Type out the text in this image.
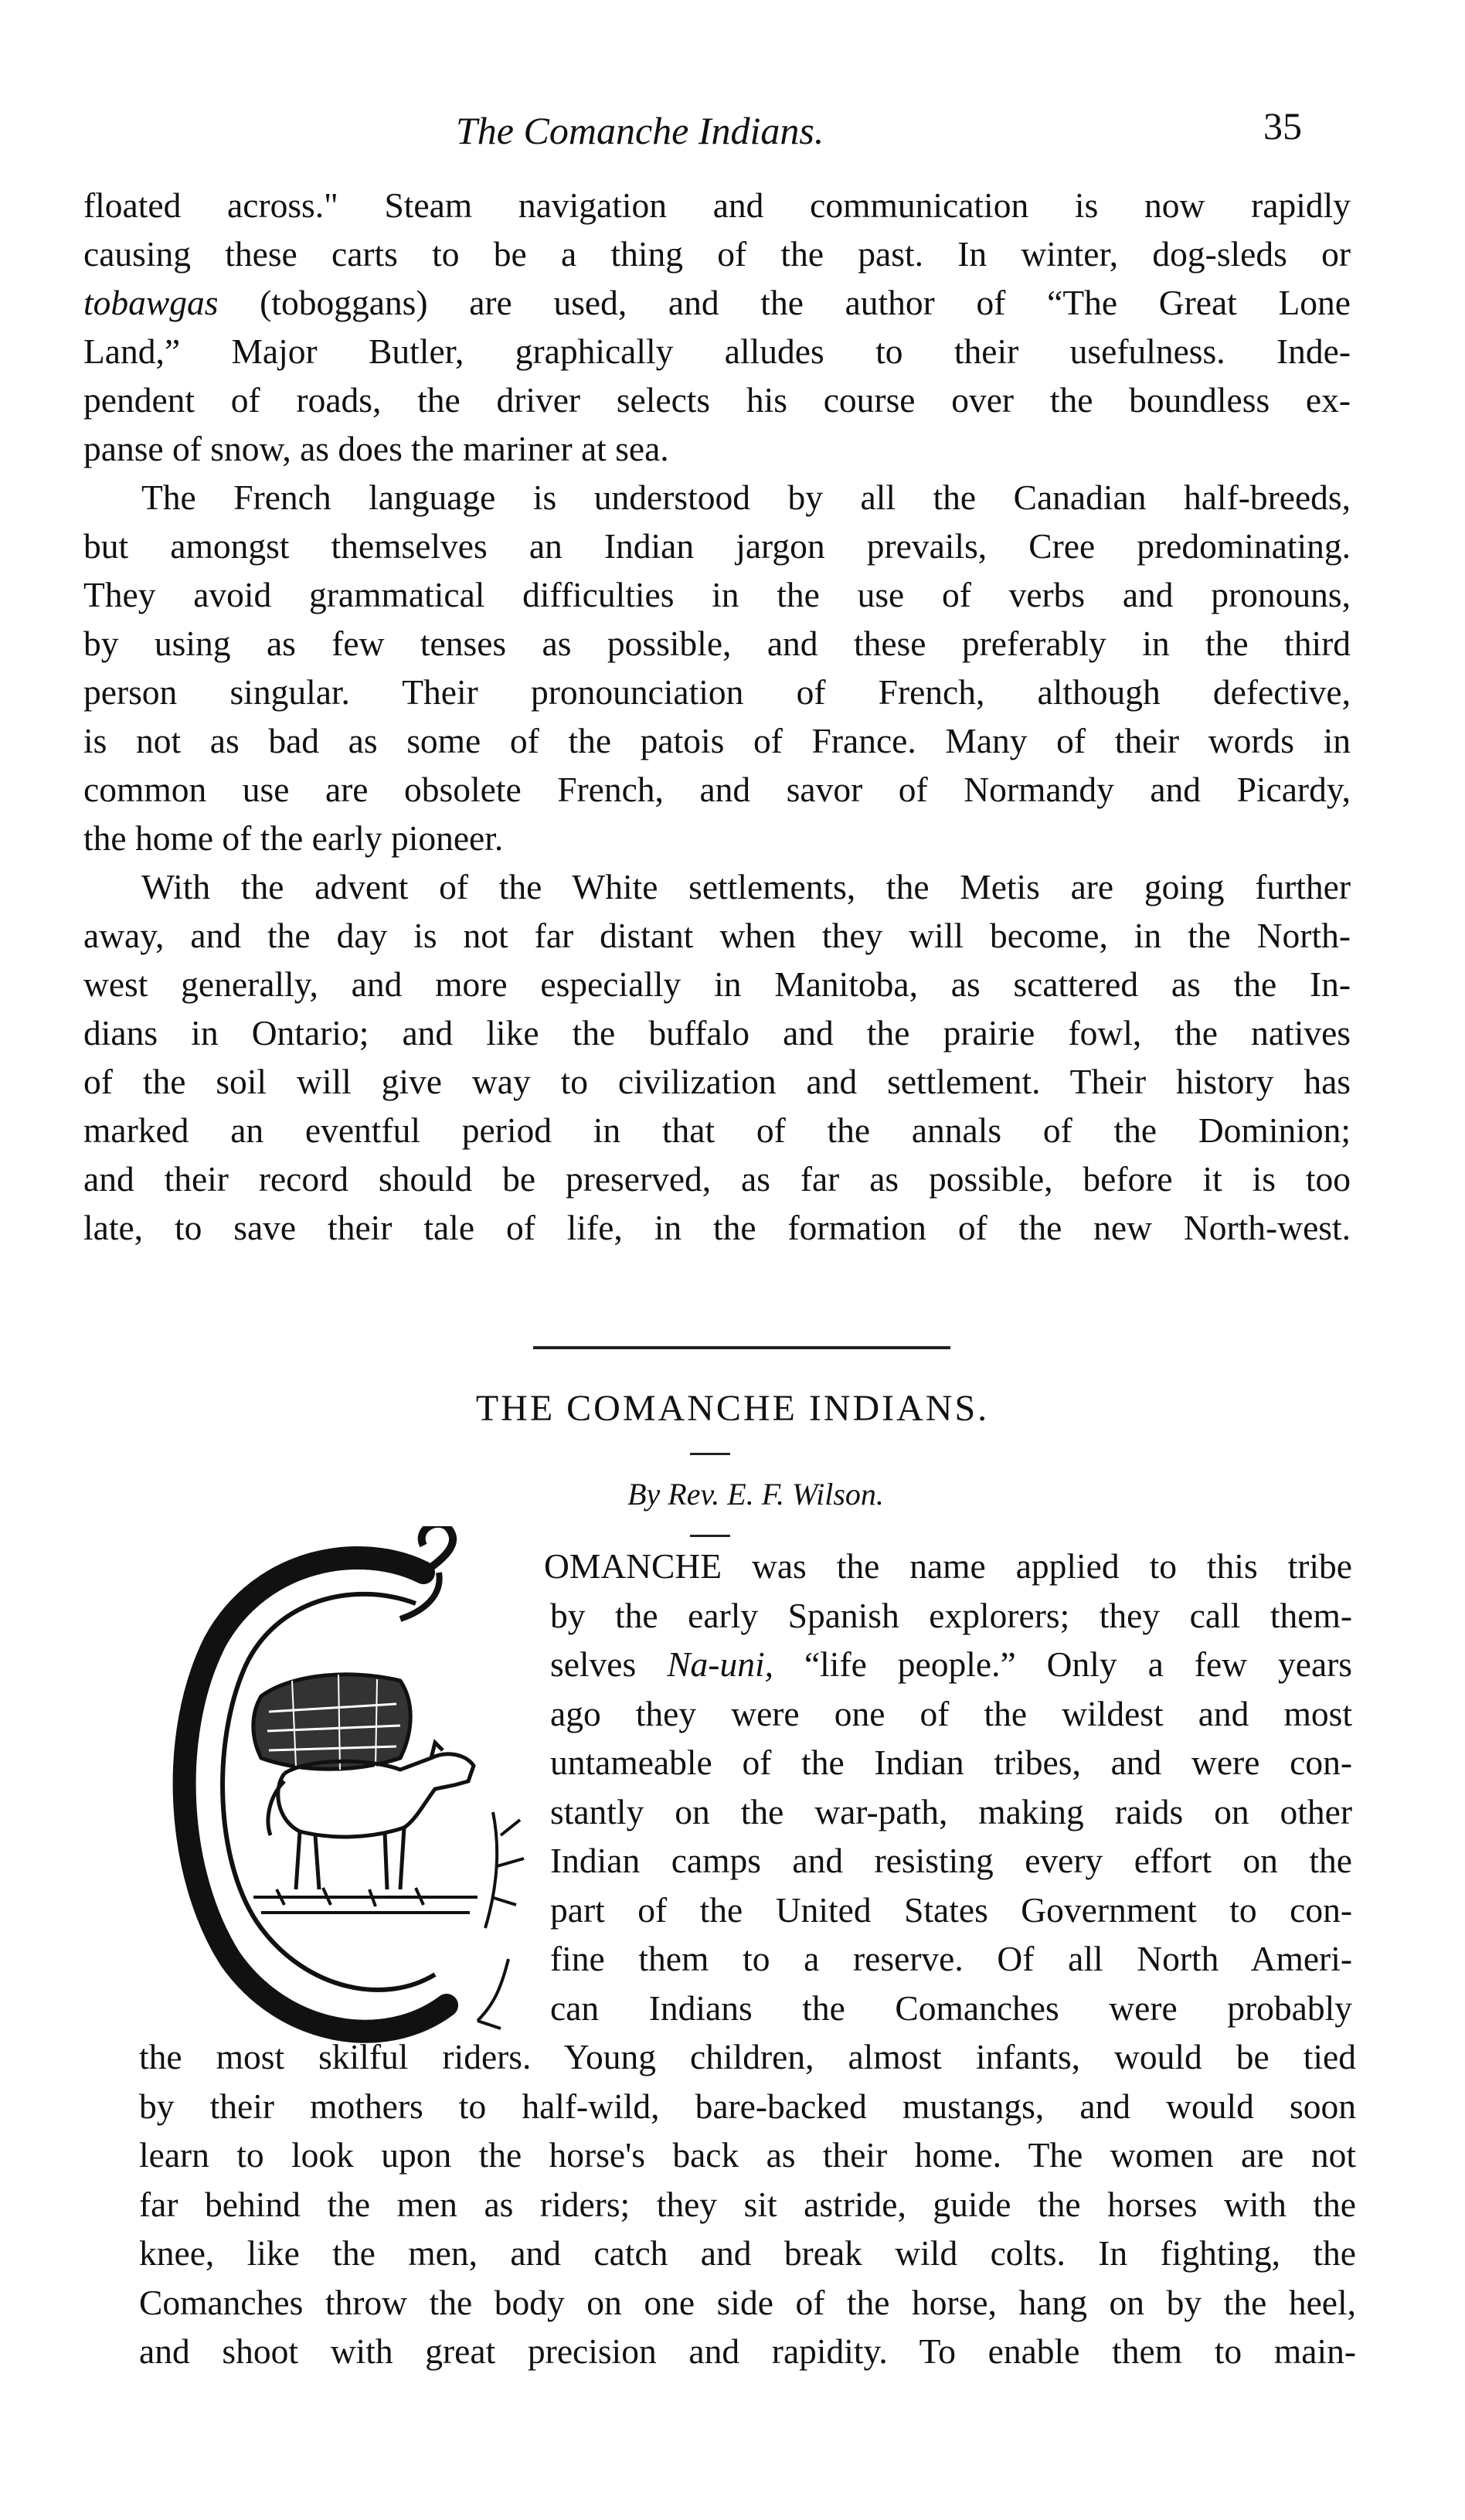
The Comanche Indians.	35
floated across." Steam navigation and communication is now rapidly
causing these carts to be a thing of the past. In winter, dog-sleds or
tobawgas (toboggans) are used, and the author of “The Great Lone
Land,” Major Butler, graphically alludes to their usefulness. Inde-
pendent of roads, the driver selects his course over the boundless ex-
panse of snow, as does the mariner at sea.
The French language is understood by all the Canadian half-breeds,
but amongst themselves an Indian jargon prevails, Cree predominating.
They avoid grammatical difficulties in the use of verbs and pronouns,
by using as few tenses as possible, and these preferably in the third
person singular. Their pronounciation of French, although defective,
is not as bad as some of the patois of France. Many of their words in
common use are obsolete French, and savor of Normandy and Picardy,
the home of the early pioneer.
With the advent of the White settlements, the Metis are going further
away, and the day is not far distant when they will become, in the North-
west generally, and more especially in Manitoba, as scattered as the In-
dians in Ontario; and like the buffalo and the prairie fowl, the natives
of the soil will give way to civilization and settlement. Their history has
marked an eventful period in that of the annals of the Dominion;
and their record should be preserved, as far as possible, before it is too
late, to save their tale of life, in the formation of the new North-west.
THE COMANCHE INDIANS.
By Rev. E. F. Wilson.
OMANCHE was the name applied to this tribe
by the early Spanish explorers; they call them-
selves Na-uni, “life people.” Only a few years
ago they were one of the wildest and most
untameable of the Indian tribes, and were con-
stantly on the war-path, making raids on other
Indian camps and resisting every effort on the
part of the United States Government to con-
fine them to a reserve. Of all North Ameri-
can Indians the Comanches were probably
the most skilful riders. Young children, almost infants, would be tied
by their mothers to half-wild, bare-backed mustangs, and would soon
learn to look upon the horse's back as their home. The women are not
far behind the men as riders; they sit astride, guide the horses with the
knee, like the men, and catch and break wild colts. In fighting, the
Comanches throw the body on one side of the horse, hang on by the heel,
and shoot with great precision and rapidity. To enable them to main-
